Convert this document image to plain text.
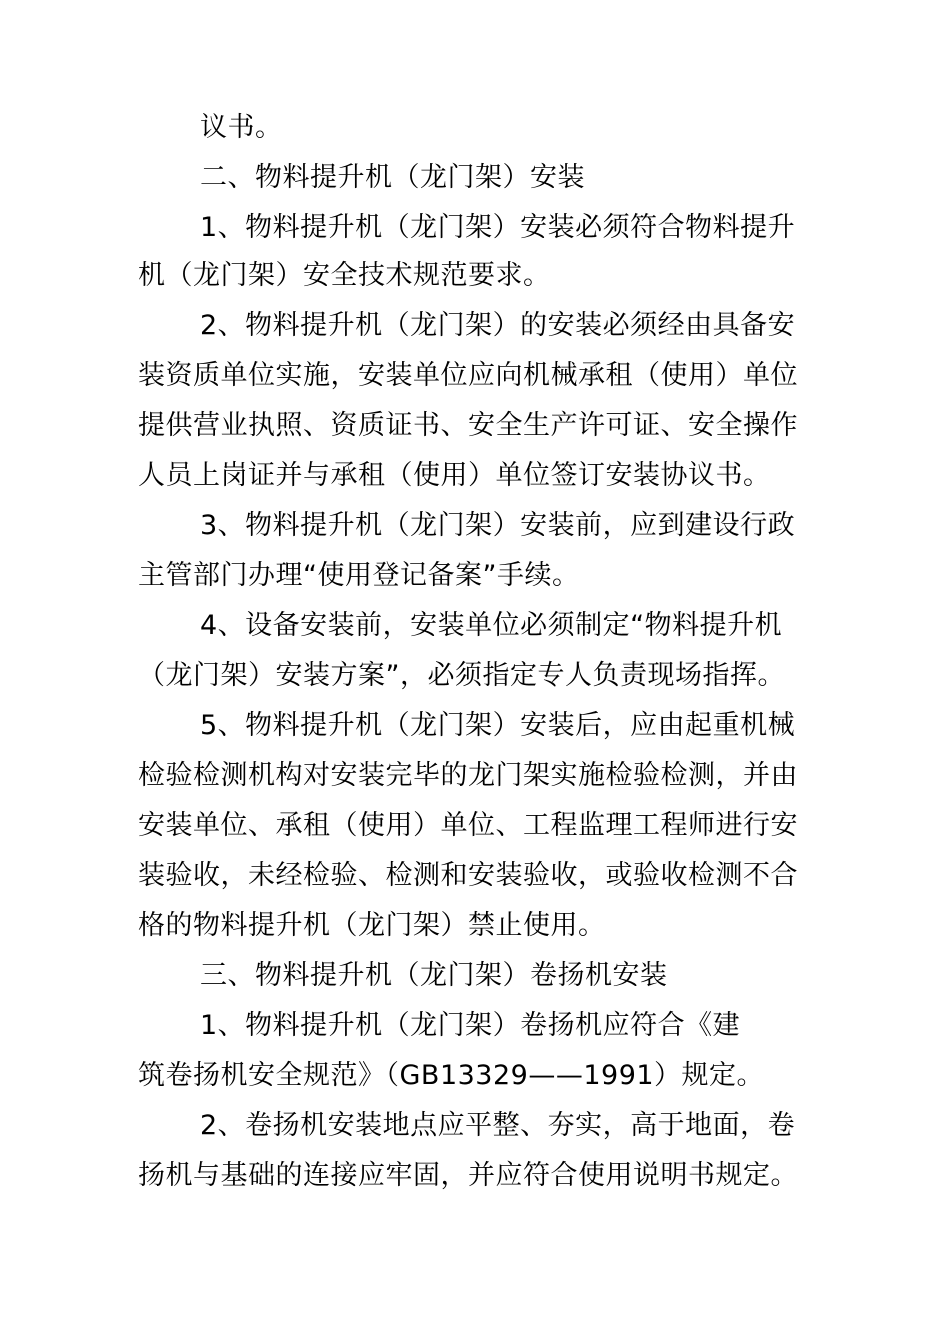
议书。
二、物料提升机（龙门架）安装
1、物料提升机（龙门架）安装必须符合物料提升
机（龙门架）安全技术规范要求。
2、物料提升机（龙门架）的安装必须经由具备安
装资质单位实施，安装单位应向机械承租（使用）单位
提供营业执照、资质证书、安全生产许可证、安全操作
人员上岗证并与承租（使用）单位签订安装协议书。
3、物料提升机（龙门架）安装前，应到建设行政
主管部门办理“使用登记备案”手续。
4、设备安装前，安装单位必须制定“物料提升机
（龙门架）安装方案”，必须指定专人负责现场指挥。
5、物料提升机（龙门架）安装后，应由起重机械
检验检测机构对安装完毕的龙门架实施检验检测，并由
安装单位、承租（使用）单位、工程监理工程师进行安
装验收，未经检验、检测和安装验收，或验收检测不合
格的物料提升机（龙门架）禁止使用。
三、物料提升机（龙门架）卷扬机安装
1、物料提升机（龙门架）卷扬机应符合《建
筑卷扬机安全规范》（GB13329——1991）规定。
2、卷扬机安装地点应平整、夯实，高于地面，卷
扬机与基础的连接应牢固，并应符合使用说明书规定。
